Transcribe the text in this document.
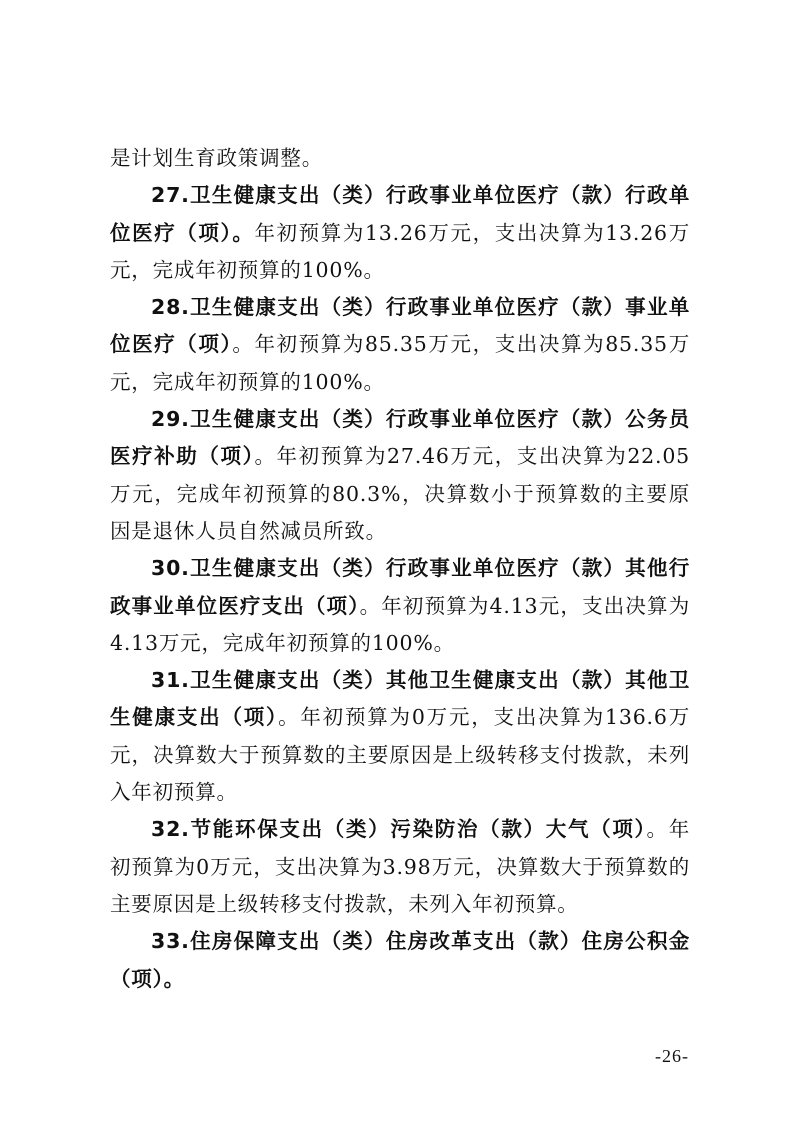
是计划生育政策调整。

27.卫生健康支出（类）行政事业单位医疗（款）行政单位医疗（项）。年初预算为13.26万元，支出决算为13.26万元，完成年初预算的100%。

28.卫生健康支出（类）行政事业单位医疗（款）事业单位医疗（项）。年初预算为85.35万元，支出决算为85.35万元，完成年初预算的100%。

29.卫生健康支出（类）行政事业单位医疗（款）公务员医疗补助（项）。年初预算为27.46万元，支出决算为22.05万元，完成年初预算的80.3%，决算数小于预算数的主要原因是退休人员自然减员所致。

30.卫生健康支出（类）行政事业单位医疗（款）其他行政事业单位医疗支出（项）。年初预算为4.13元，支出决算为4.13万元，完成年初预算的100%。

31.卫生健康支出（类）其他卫生健康支出（款）其他卫生健康支出（项）。年初预算为0万元，支出决算为136.6万元，决算数大于预算数的主要原因是上级转移支付拨款，未列入年初预算。

32.节能环保支出（类）污染防治（款）大气（项）。年初预算为0万元，支出决算为3.98万元，决算数大于预算数的主要原因是上级转移支付拨款，未列入年初预算。

33.住房保障支出（类）住房改革支出（款）住房公积金（项）。

-26-
